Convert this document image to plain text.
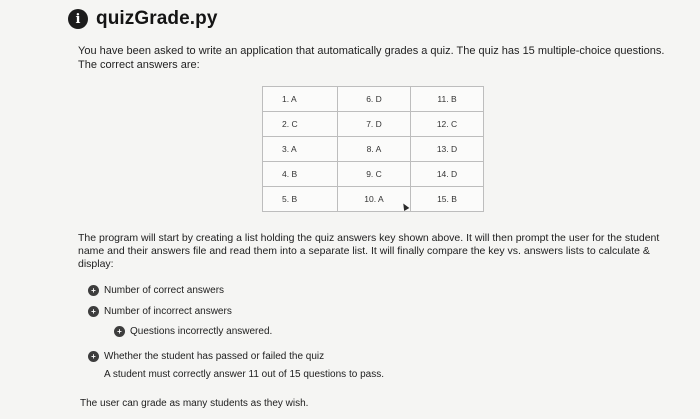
i quizGrade.py

You have been asked to write an application that automatically grades a quiz. The quiz has 15 multiple-choice questions. The correct answers are:

1. A	6. D	11. B
2. C	7. D	12. C
3. A	8. A	13. D
4. B	9. C	14. D
5. B	10. A	15. B

The program will start by creating a list holding the quiz answers key shown above. It will then prompt the user for the student name and their answers file and read them into a separate list. It will finally compare the key vs. answers lists to calculate & display:

+ Number of correct answers
+ Number of incorrect answers
+ Questions incorrectly answered.
+ Whether the student has passed or failed the quiz
A student must correctly answer 11 out of 15 questions to pass.

The user can grade as many students as they wish.
